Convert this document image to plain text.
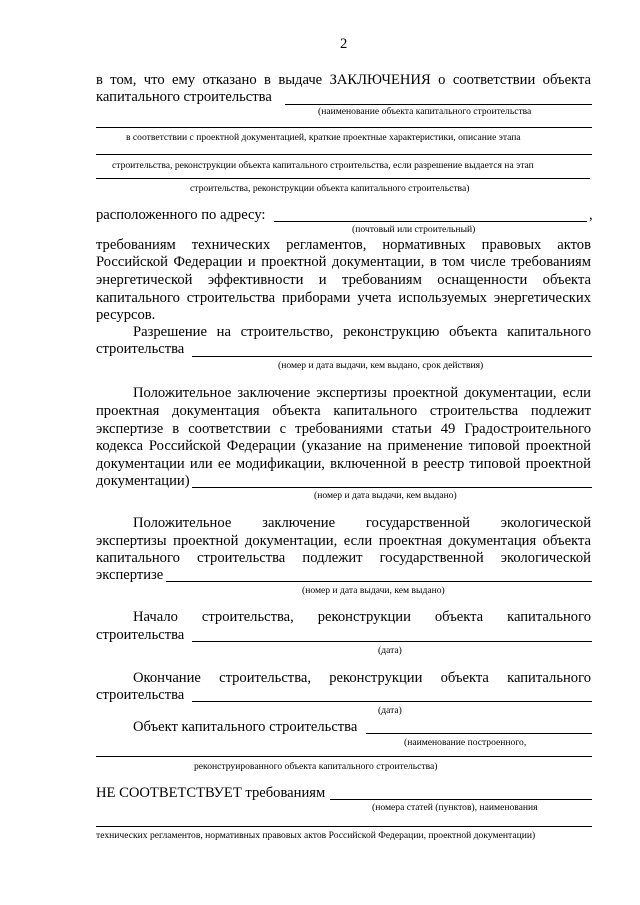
2
в том, что ему отказано в выдаче ЗАКЛЮЧЕНИЯ о соответствии объекта
капитального строительства
(наименование объекта капитального строительства
в соответствии с проектной документацией, краткие проектные характеристики, описание этапа
строительства, реконструкции объекта капитального строительства, если разрешение выдается на этап
строительства, реконструкции объекта капитального строительства)
расположенного по адресу:	,
(почтовый или строительный)
требованиям технических регламентов, нормативных правовых актов
Российской Федерации и проектной документации, в том числе требованиям
энергетической эффективности и требованиям оснащенности объекта
капитального строительства приборами учета используемых энергетических
ресурсов.
Разрешение на строительство, реконструкцию объекта капитального
строительства
(номер и дата выдачи, кем выдано, срок действия)
Положительное заключение экспертизы проектной документации, если
проектная документация объекта капитального строительства подлежит
экспертизе в соответствии с требованиями статьи 49 Градостроительного
кодекса Российской Федерации (указание на применение типовой проектной
документации или ее модификации, включенной в реестр типовой проектной
документации)
(номер и дата выдачи, кем выдано)
Положительное заключение государственной экологической
экспертизы проектной документации, если проектная документация объекта
капитального строительства подлежит государственной экологической
экспертизе
(номер и дата выдачи, кем выдано)
Начало строительства, реконструкции объекта капитального
строительства
(дата)
Окончание строительства, реконструкции объекта капитального
строительства
(дата)
Объект капитального строительства
(наименование построенного,
реконструированного объекта капитального строительства)
НЕ СООТВЕТСТВУЕТ требованиям
(номера статей (пунктов), наименования
технических регламентов, нормативных правовых актов Российской Федерации, проектной документации)
